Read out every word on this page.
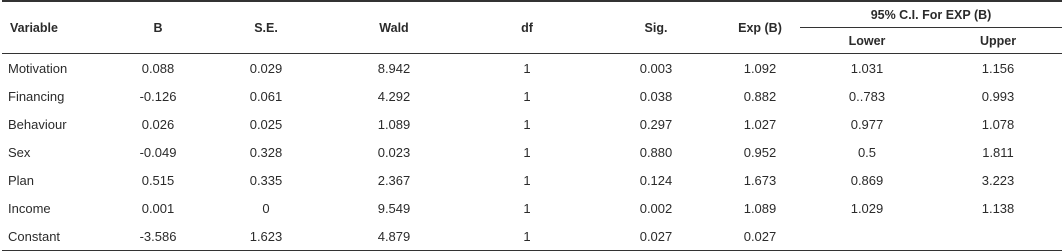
Variable	B	S.E.	Wald	df	Sig.	Exp (B)	95% C.I. For EXP (B)	
							Lower	Upper
Motivation	0.088	0.029	8.942	1	0.003	1.092	1.031	1.156
Financing	-0.126	0.061	4.292	1	0.038	0.882	0..783	0.993
Behaviour	0.026	0.025	1.089	1	0.297	1.027	0.977	1.078
Sex	-0.049	0.328	0.023	1	0.880	0.952	0.5	1.811
Plan	0.515	0.335	2.367	1	0.124	1.673	0.869	3.223
Income	0.001	0	9.549	1	0.002	1.089	1.029	1.138
Constant	-3.586	1.623	4.879	1	0.027	0.027		
